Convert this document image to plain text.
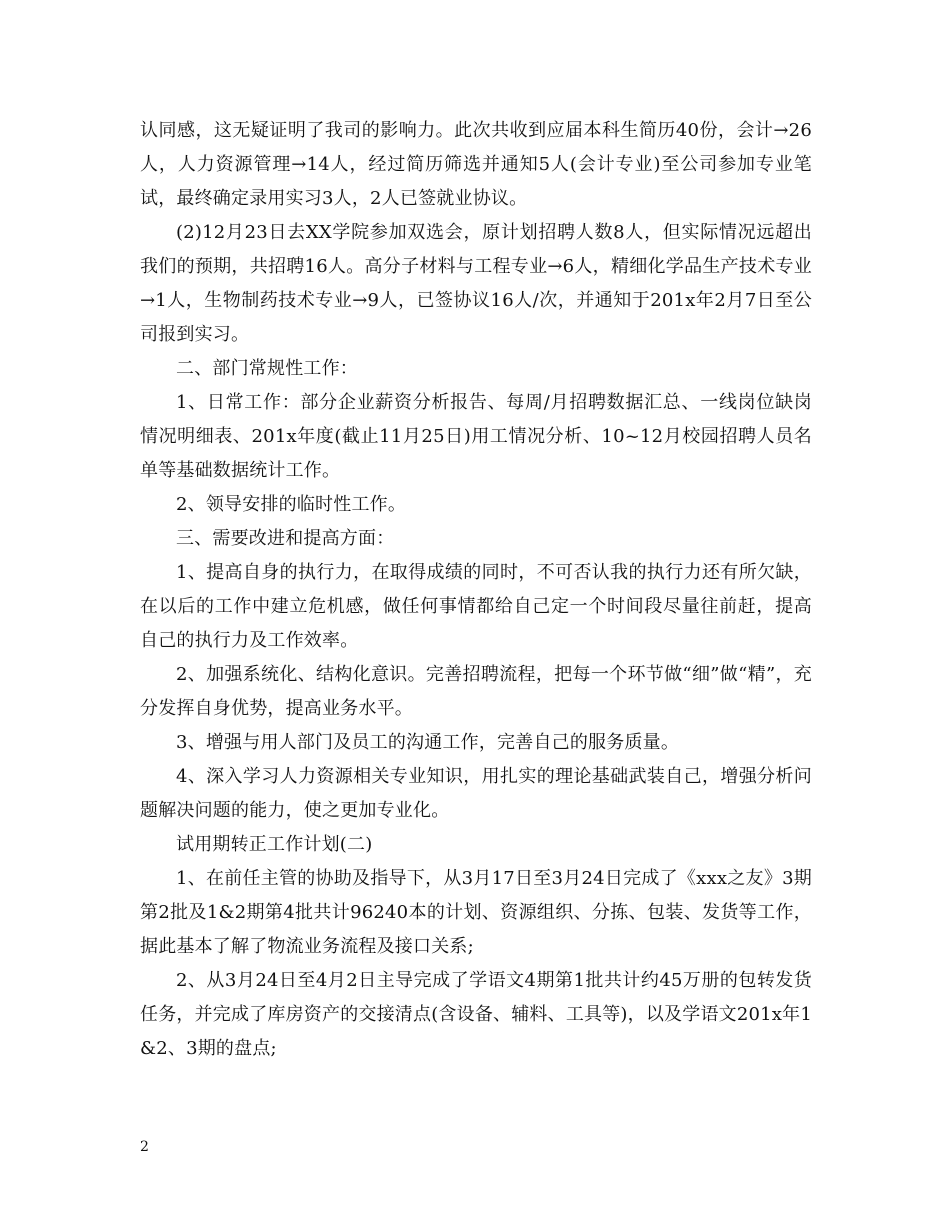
认同感，这无疑证明了我司的影响力。此次共收到应届本科生简历40份，会计→26人，人力资源管理→14人，经过简历筛选并通知5人(会计专业)至公司参加专业笔试，最终确定录用实习3人，2人已签就业协议。

(2)12月23日去XX学院参加双选会，原计划招聘人数8人，但实际情况远超出我们的预期，共招聘16人。高分子材料与工程专业→6人，精细化学品生产技术专业→1人，生物制药技术专业→9人，已签协议16人/次，并通知于201x年2月7日至公司报到实习。

二、部门常规性工作：

1、日常工作：部分企业薪资分析报告、每周/月招聘数据汇总、一线岗位缺岗情况明细表、201x年度(截止11月25日)用工情况分析、10~12月校园招聘人员名单等基础数据统计工作。

2、领导安排的临时性工作。

三、需要改进和提高方面：

1、提高自身的执行力，在取得成绩的同时，不可否认我的执行力还有所欠缺，在以后的工作中建立危机感，做任何事情都给自己定一个时间段尽量往前赶，提高自己的执行力及工作效率。

2、加强系统化、结构化意识。完善招聘流程，把每一个环节做“细”做“精”，充分发挥自身优势，提高业务水平。

3、增强与用人部门及员工的沟通工作，完善自己的服务质量。

4、深入学习人力资源相关专业知识，用扎实的理论基础武装自己，增强分析问题解决问题的能力，使之更加专业化。

试用期转正工作计划(二)

1、在前任主管的协助及指导下，从3月17日至3月24日完成了《xxx之友》3期第2批及1&2期第4批共计96240本的计划、资源组织、分拣、包装、发货等工作，据此基本了解了物流业务流程及接口关系;

2、从3月24日至4月2日主导完成了学语文4期第1批共计约45万册的包转发货任务，并完成了库房资产的交接清点(含设备、辅料、工具等)，以及学语文201x年1&2、3期的盘点;

2
